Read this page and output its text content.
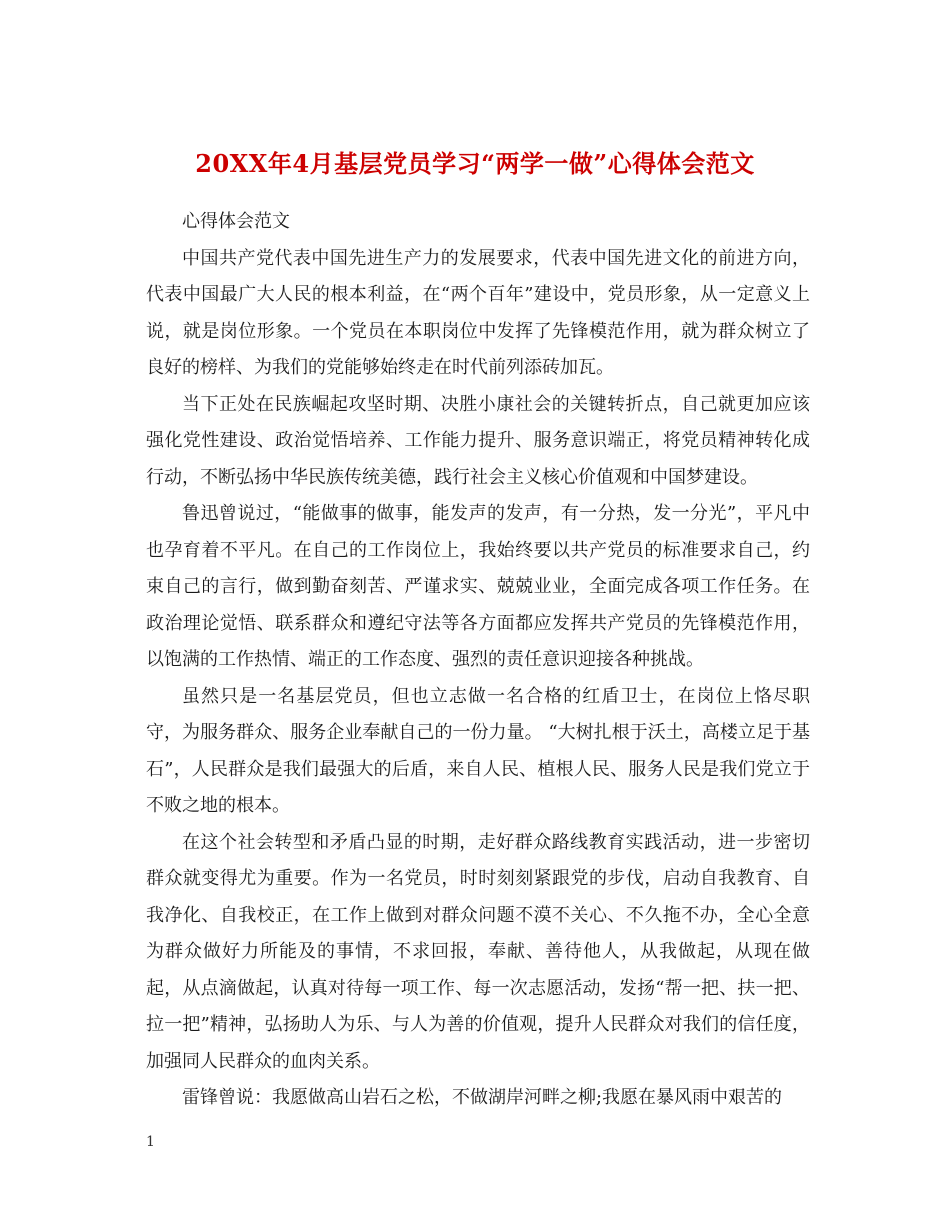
20XX年4月基层党员学习“两学一做”心得体会范文

心得体会范文

中国共产党代表中国先进生产力的发展要求，代表中国先进文化的前进方向，代表中国最广大人民的根本利益，在“两个百年”建设中，党员形象，从一定意义上说，就是岗位形象。一个党员在本职岗位中发挥了先锋模范作用，就为群众树立了良好的榜样、为我们的党能够始终走在时代前列添砖加瓦。

当下正处在民族崛起攻坚时期、决胜小康社会的关键转折点，自己就更加应该强化党性建设、政治觉悟培养、工作能力提升、服务意识端正，将党员精神转化成行动，不断弘扬中华民族传统美德，践行社会主义核心价值观和中国梦建设。

鲁迅曾说过，“能做事的做事，能发声的发声，有一分热，发一分光”，平凡中也孕育着不平凡。在自己的工作岗位上，我始终要以共产党员的标准要求自己，约束自己的言行，做到勤奋刻苦、严谨求实、兢兢业业，全面完成各项工作任务。在政治理论觉悟、联系群众和遵纪守法等各方面都应发挥共产党员的先锋模范作用，以饱满的工作热情、端正的工作态度、强烈的责任意识迎接各种挑战。

虽然只是一名基层党员，但也立志做一名合格的红盾卫士，在岗位上恪尽职守，为服务群众、服务企业奉献自己的一份力量。 “大树扎根于沃土，高楼立足于基石”，人民群众是我们最强大的后盾，来自人民、植根人民、服务人民是我们党立于不败之地的根本。

在这个社会转型和矛盾凸显的时期，走好群众路线教育实践活动，进一步密切群众就变得尤为重要。作为一名党员，时时刻刻紧跟党的步伐，启动自我教育、自我净化、自我校正，在工作上做到对群众问题不漠不关心、不久拖不办，全心全意为群众做好力所能及的事情，不求回报，奉献、善待他人，从我做起，从现在做起，从点滴做起，认真对待每一项工作、每一次志愿活动，发扬“帮一把、扶一把、拉一把”精神，弘扬助人为乐、与人为善的价值观，提升人民群众对我们的信任度，加强同人民群众的血肉关系。

雷锋曾说：我愿做高山岩石之松，不做湖岸河畔之柳;我愿在暴风雨中艰苦的

1
